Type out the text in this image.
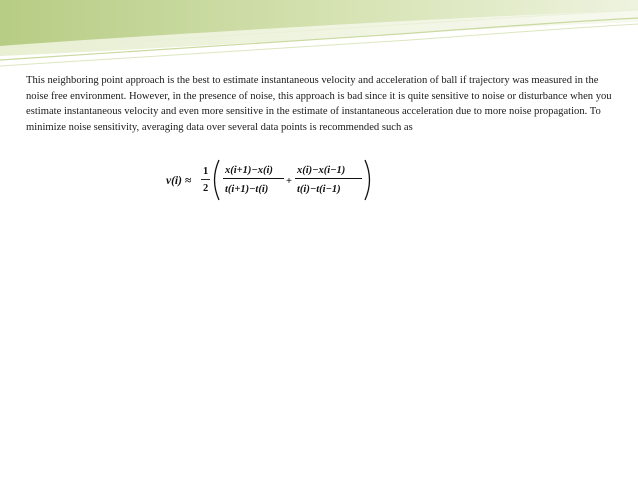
This neighboring point approach is the best to estimate instantaneous velocity and acceleration of ball if trajectory was measured in the noise free environment. However, in the presence of noise, this approach is bad since it is quite sensitive to noise or disturbance when you estimate instantaneous velocity and even more sensitive in the estimate of instantaneous acceleration due to more noise propagation. To minimize noise sensitivity, averaging data over several data points is recommended such as

v(i) ≈
1
2
x(i+1)−x(i)
t(i+1)−t(i)
+
x(i)−x(i−1)
t(i)−t(i−1)
